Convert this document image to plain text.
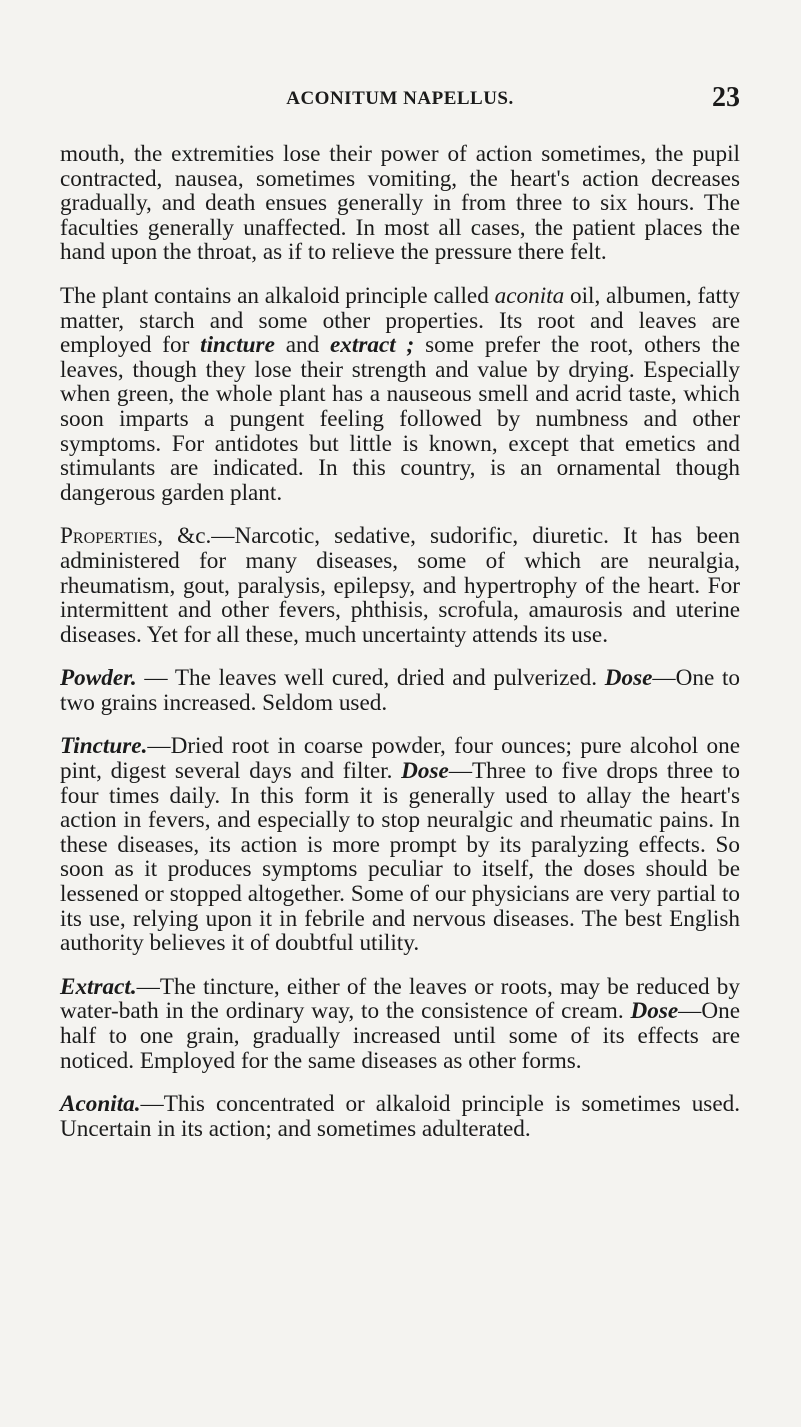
ACONITUM NAPELLUS.	23

mouth, the extremities lose their power of action sometimes, the pupil contracted, nausea, sometimes vomiting, the heart's action decreases gradually, and death ensues generally in from three to six hours. The faculties generally unaffected. In most all cases, the patient places the hand upon the throat, as if to relieve the pressure there felt.

The plant contains an alkaloid principle called aconita oil, albumen, fatty matter, starch and some other properties. Its root and leaves are employed for tincture and extract ; some prefer the root, others the leaves, though they lose their strength and value by drying. Especially when green, the whole plant has a nauseous smell and acrid taste, which soon imparts a pungent feeling followed by numbness and other symptoms. For antidotes but little is known, except that emetics and stimulants are indicated. In this country, is an ornamental though dangerous garden plant.

Properties, &c.—Narcotic, sedative, sudorific, diuretic. It has been administered for many diseases, some of which are neuralgia, rheumatism, gout, paralysis, epilepsy, and hypertrophy of the heart. For intermittent and other fevers, phthisis, scrofula, amaurosis and uterine diseases. Yet for all these, much uncertainty attends its use.

Powder. — The leaves well cured, dried and pulverized. Dose—One to two grains increased. Seldom used.

Tincture.—Dried root in coarse powder, four ounces; pure alcohol one pint, digest several days and filter. Dose—Three to five drops three to four times daily. In this form it is generally used to allay the heart's action in fevers, and especially to stop neuralgic and rheumatic pains. In these diseases, its action is more prompt by its paralyzing effects. So soon as it produces symptoms peculiar to itself, the doses should be lessened or stopped altogether. Some of our physicians are very partial to its use, relying upon it in febrile and nervous diseases. The best English authority believes it of doubtful utility.

Extract.—The tincture, either of the leaves or roots, may be reduced by water-bath in the ordinary way, to the consistence of cream. Dose—One half to one grain, gradually increased until some of its effects are noticed. Employed for the same diseases as other forms.

Aconita.—This concentrated or alkaloid principle is sometimes used. Uncertain in its action; and sometimes adulterated.
